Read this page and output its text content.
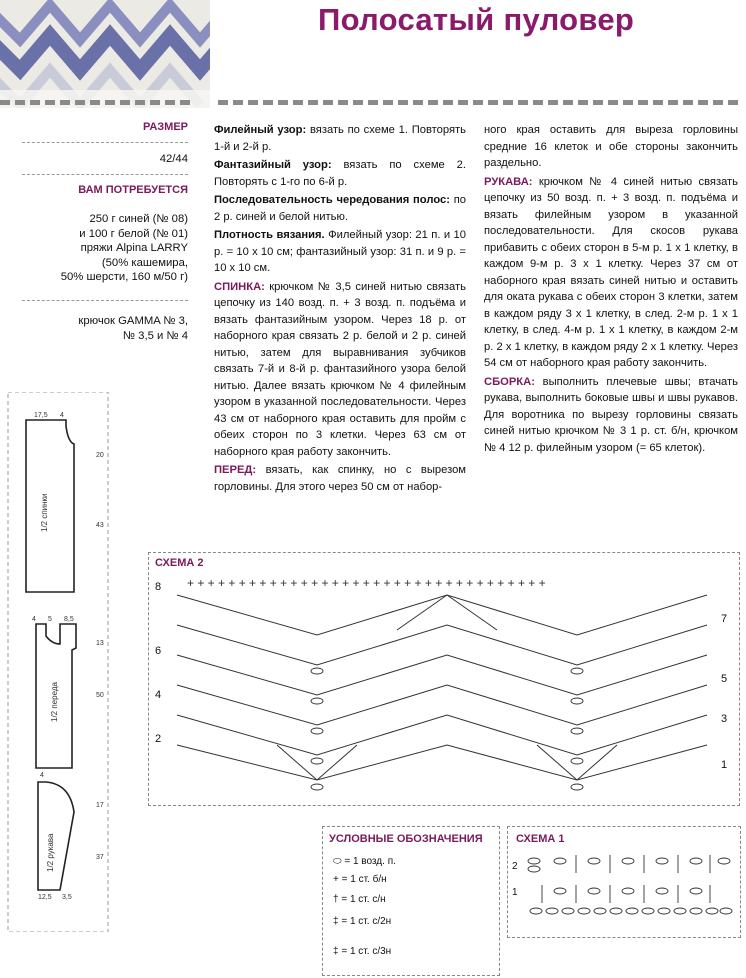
Полосатый пуловер
РАЗМЕР
42/44
ВАМ ПОТРЕБУЕТСЯ
250 г синей (№ 08)
и 100 г белой (№ 01)
пряжи Alpina LARRY
(50% кашемира,
50% шерсти, 160 м/50 г)
крючок GAMMA № 3,
№ 3,5 и № 4

Филейный узор: вязать по схеме 1. Повторять 1-й и 2-й р.

Фантазийный узор: вязать по схеме 2. Повторять с 1-го по 6-й р.

Последовательность чередования полос: по 2 р. синей и белой нитью.

Плотность вязания. Филейный узор: 21 п. и 10 р. = 10 x 10 см; фантазийный узор: 31 п. и 9 р. = 10 x 10 см.

СПИНКА: крючком № 3,5 синей нитью связать цепочку из 140 возд. п. + 3 возд. п. подъёма и вязать фантазийным узором. Через 18 р. от наборного края связать 2 р. белой и 2 р. синей нитью, затем для выравнивания зубчиков связать 7-й и 8-й р. фантазийного узора белой нитью. Далее вязать крючком № 4 филейным узором в указанной последовательности. Через 43 см от наборного края оставить для пройм с обеих сторон по 3 клетки. Через 63 см от наборного края работу закончить.

ПЕРЕД: вязать, как спинку, но с вырезом горловины. Для этого через 50 см от набор-

ного края оставить для выреза горловины средние 16 клеток и обе стороны закончить раздельно.

РУКАВА: крючком № 4 синей нитью связать цепочку из 50 возд. п. + 3 возд. п. подъёма и вязать филейным узором в указанной последовательности. Для скосов рукава прибавить с обеих сторон в 5-м р. 1 x 1 клетку, в каждом 9-м р. 3 x 1 клетку. Через 37 см от наборного края вязать синей нитью и оставить для оката рукава с обеих сторон 3 клетки, затем в каждом ряду 3 x 1 клетку, в след. 2-м р. 1 x 1 клетку, в след. 4-м р. 1 x 1 клетку, в каждом 2-м р. 2 x 1 клетку, в каждом ряду 2 x 1 клетку. Через 54 см от наборного края работу закончить.

СБОРКА: выполнить плечевые швы; втачать рукава, выполнить боковые швы и швы рукавов. Для воротника по вырезу горловины связать синей нитью крючком № 3 1 р. ст. б/н, крючком № 4 12 р. филейным узором (= 65 клеток).

17,5 4
20
43
1/2 спинки
4 5 8,5
13
50
1/2 переда
4
17
37
12,5 3,5
1/2 рукава
СХЕМА 2
+ + + + + + + + + + + + + + + + + + + + + + + + + + + + + + + + + + +
8
6
4
2
7
5
3
1
УСЛОВНЫЕ ОБОЗНАЧЕНИЯ
⬭ = 1 возд. п.
+ = 1 ст. б/н
† = 1 ст. с/н
‡ = 1 ст. с/2н
‡ = 1 ст. с/3н
СХЕМА 1
2
1
